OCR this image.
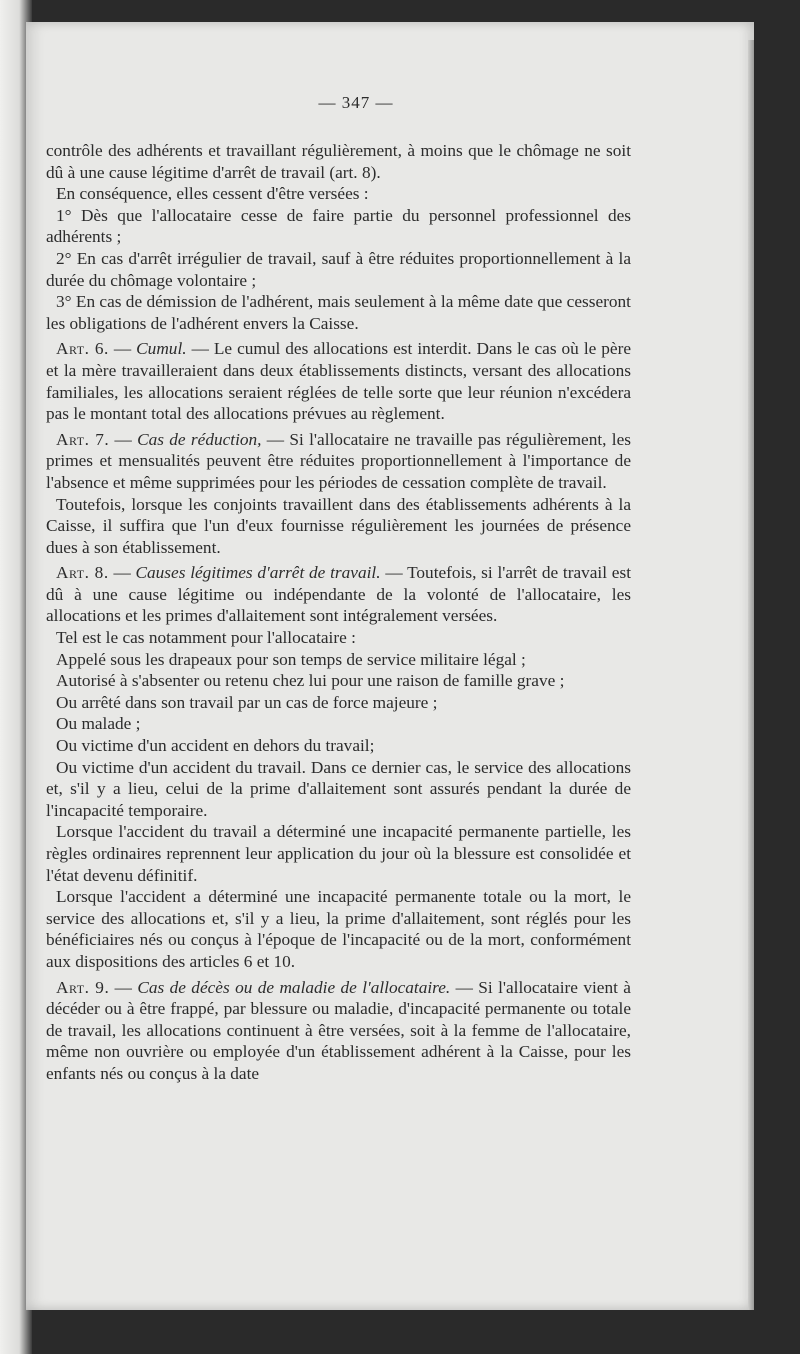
— 347 —

contrôle des adhérents et travaillant régulièrement, à moins que le chômage ne soit dû à une cause légitime d'arrêt de travail (art. 8).

En conséquence, elles cessent d'être versées :

1° Dès que l'allocataire cesse de faire partie du personnel professionnel des adhérents ;

2° En cas d'arrêt irrégulier de travail, sauf à être réduites proportionnellement à la durée du chômage volontaire ;

3° En cas de démission de l'adhérent, mais seulement à la même date que cesseront les obligations de l'adhérent envers la Caisse.

Art. 6. — Cumul. — Le cumul des allocations est interdit. Dans le cas où le père et la mère travailleraient dans deux établissements distincts, versant des allocations familiales, les allocations seraient réglées de telle sorte que leur réunion n'excédera pas le montant total des allocations prévues au règlement.

Art. 7. — Cas de réduction, — Si l'allocataire ne travaille pas régulièrement, les primes et mensualités peuvent être réduites proportionnellement à l'importance de l'absence et même supprimées pour les périodes de cessation complète de travail.

Toutefois, lorsque les conjoints travaillent dans des établissements adhérents à la Caisse, il suffira que l'un d'eux fournisse régulièrement les journées de présence dues à son établissement.

Art. 8. — Causes légitimes d'arrêt de travail. — Toutefois, si l'arrêt de travail est dû à une cause légitime ou indépendante de la volonté de l'allocataire, les allocations et les primes d'allaitement sont intégralement versées.

Tel est le cas notamment pour l'allocataire :

Appelé sous les drapeaux pour son temps de service militaire légal ;

Autorisé à s'absenter ou retenu chez lui pour une raison de famille grave ;

Ou arrêté dans son travail par un cas de force majeure ;

Ou malade ;

Ou victime d'un accident en dehors du travail;

Ou victime d'un accident du travail. Dans ce dernier cas, le service des allocations et, s'il y a lieu, celui de la prime d'allaitement sont assurés pendant la durée de l'incapacité temporaire.

Lorsque l'accident du travail a déterminé une incapacité permanente partielle, les règles ordinaires reprennent leur application du jour où la blessure est consolidée et l'état devenu définitif.

Lorsque l'accident a déterminé une incapacité permanente totale ou la mort, le service des allocations et, s'il y a lieu, la prime d'allaitement, sont réglés pour les bénéficiaires nés ou conçus à l'époque de l'incapacité ou de la mort, conformément aux dispositions des articles 6 et 10.

Art. 9. — Cas de décès ou de maladie de l'allocataire. — Si l'allocataire vient à décéder ou à être frappé, par blessure ou maladie, d'incapacité permanente ou totale de travail, les allocations continuent à être versées, soit à la femme de l'allocataire, même non ouvrière ou employée d'un établissement adhérent à la Caisse, pour les enfants nés ou conçus à la date
